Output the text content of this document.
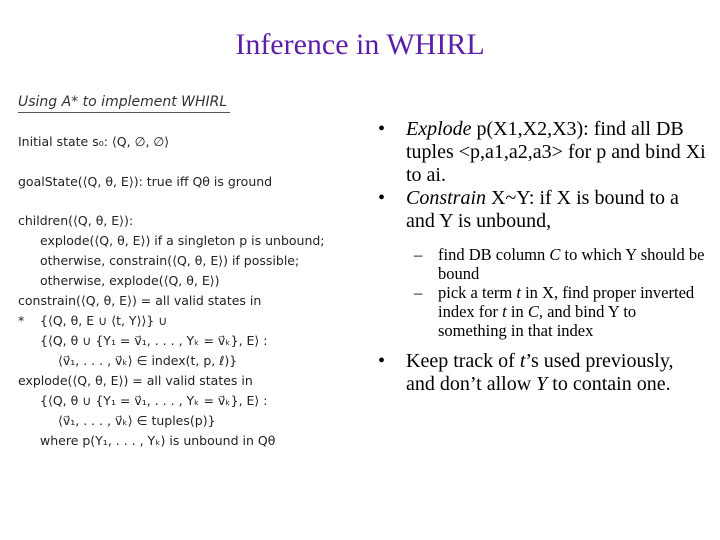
Inference in WHIRL
Using A* to implement WHIRL
Initial state s₀: ⟨Q, ∅, ∅⟩
goalState(⟨Q, θ, E⟩): true iff Qθ is ground
children(⟨Q, θ, E⟩):
explode(⟨Q, θ, E⟩) if a singleton p is unbound;
otherwise, constrain(⟨Q, θ, E⟩) if possible;
otherwise, explode(⟨Q, θ, E⟩)
constrain(⟨Q, θ, E⟩) = all valid states in
* {⟨Q, θ, E ∪ ⟨t, Y⟩⟩} ∪
{⟨Q, θ ∪ {Y₁ = v⃗₁, . . . , Yₖ = v⃗ₖ}, E⟩ :
⟨v⃗₁, . . . , v⃗ₖ⟩ ∈ index(t, p, ℓ)}
explode(⟨Q, θ, E⟩) = all valid states in
{⟨Q, θ ∪ {Y₁ = v⃗₁, . . . , Yₖ = v⃗ₖ}, E⟩ :
⟨v⃗₁, . . . , v⃗ₖ⟩ ∈ tuples(p)}
where p(Y₁, . . . , Yₖ) is unbound in Qθ
• Explode p(X1,X2,X3): find all DB tuples <p,a1,a2,a3> for p and bind Xi to ai.
• Constrain X~Y: if X is bound to a and Y is unbound,
– find DB column C to which Y should be bound
– pick a term t in X, find proper inverted index for t in C, and bind Y to something in that index
• Keep track of t’s used previously, and don’t allow Y to contain one.
